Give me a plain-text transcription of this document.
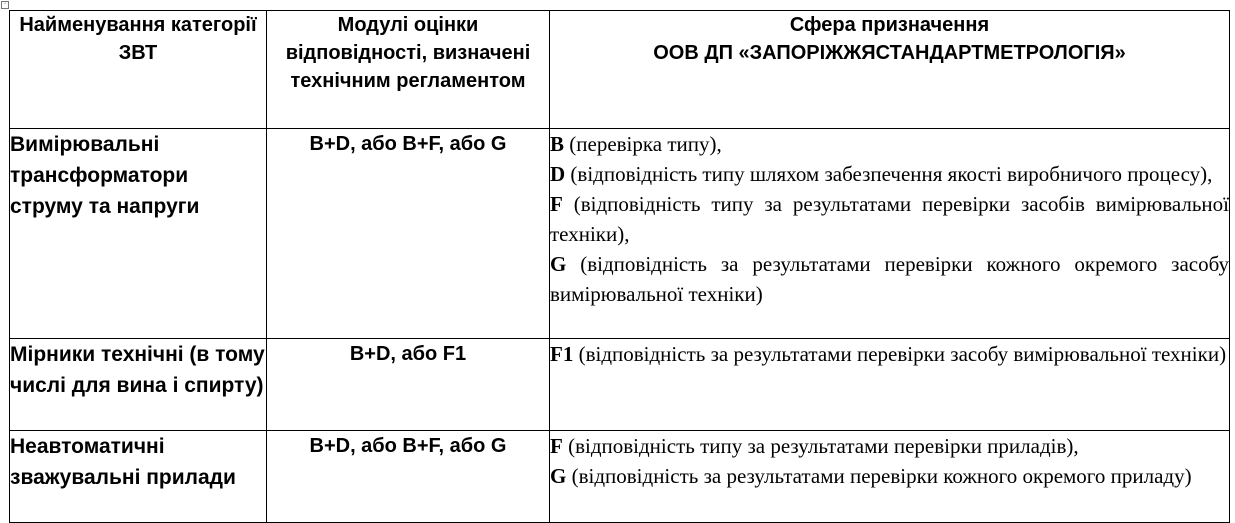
+
Найменування категорії ЗВТ	Модулі оцінки відповідності, визначені технічним регламентом	Сфера призначення
ООВ ДП «ЗАПОРІЖЖЯСТАНДАРТМЕТРОЛОГІЯ»

Вимірювальні трансформатори струму та напруги	B+D, або В+F, або G	В (перевірка типу),
D (відповідність типу шляхом забезпечення якості виробничого процесу),
F (відповідність типу за результатами перевірки засобів вимірювальної техніки),
G (відповідність за результатами перевірки кожного окремого засобу вимірювальної техніки)

Мірники технічні (в тому числі для вина і спирту)	B+D, або F1	F1 (відповідність за результатами перевірки засобу вимірювальної техніки)

Неавтоматичні зважувальні прилади	B+D, або B+F, або G	F (відповідність типу за результатами перевірки приладів),
G (відповідність за результатами перевірки кожного окремого приладу)
